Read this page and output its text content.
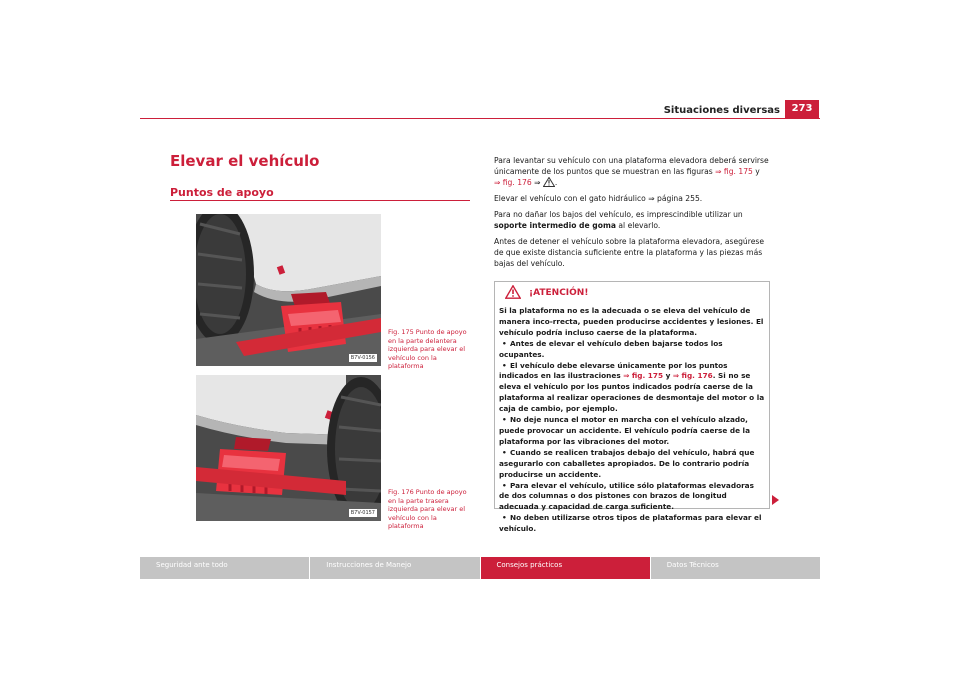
Situaciones diversas	273
Elevar el vehículo
Puntos de apoyo
B7V-0156

Fig. 175 Punto de apoyo en la parte delantera izquierda para elevar el vehículo con la plataforma

B7V-0157

Fig. 176 Punto de apoyo en la parte trasera izquierda para elevar el vehículo con la plataforma

Para levantar su vehículo con una plataforma elevadora deberá servirse únicamente de los puntos que se muestran en las figuras ⇒ fig. 175 y
⇒ fig. 176 ⇒
.

Elevar el vehículo con el gato hidráulico ⇒ página 255.

Para no dañar los bajos del vehículo, es imprescindible utilizar un soporte intermedio de goma al elevarlo.

Antes de detener el vehículo sobre la plataforma elevadora, asegúrese de que existe distancia suficiente entre la plataforma y las piezas más bajas del vehículo.

¡ATENCIÓN!

Si la plataforma no es la adecuada o se eleva del vehículo de manera inco-rrecta, pueden producirse accidentes y lesiones. El vehículo podría incluso caerse de la plataforma.

• Antes de elevar el vehículo deben bajarse todos los ocupantes.
• El vehículo debe elevarse únicamente por los puntos indicados en las ilustraciones ⇒ fig. 175 y ⇒ fig. 176. Si no se eleva el vehículo por los puntos indicados podría caerse de la plataforma al realizar operaciones de desmontaje del motor o la caja de cambio, por ejemplo.
• No deje nunca el motor en marcha con el vehículo alzado, puede provocar un accidente. El vehículo podría caerse de la plataforma por las vibraciones del motor.
• Cuando se realicen trabajos debajo del vehículo, habrá que asegurarlo con caballetes apropiados. De lo contrario podría producirse un accidente.
• Para elevar el vehículo, utilice sólo plataformas elevadoras de dos columnas o dos pistones con brazos de longitud adecuada y capacidad de carga suficiente.
• No deben utilizarse otros tipos de plataformas para elevar el vehículo.
Seguridad ante todo	Instrucciones de Manejo	Consejos prácticos	Datos Técnicos
